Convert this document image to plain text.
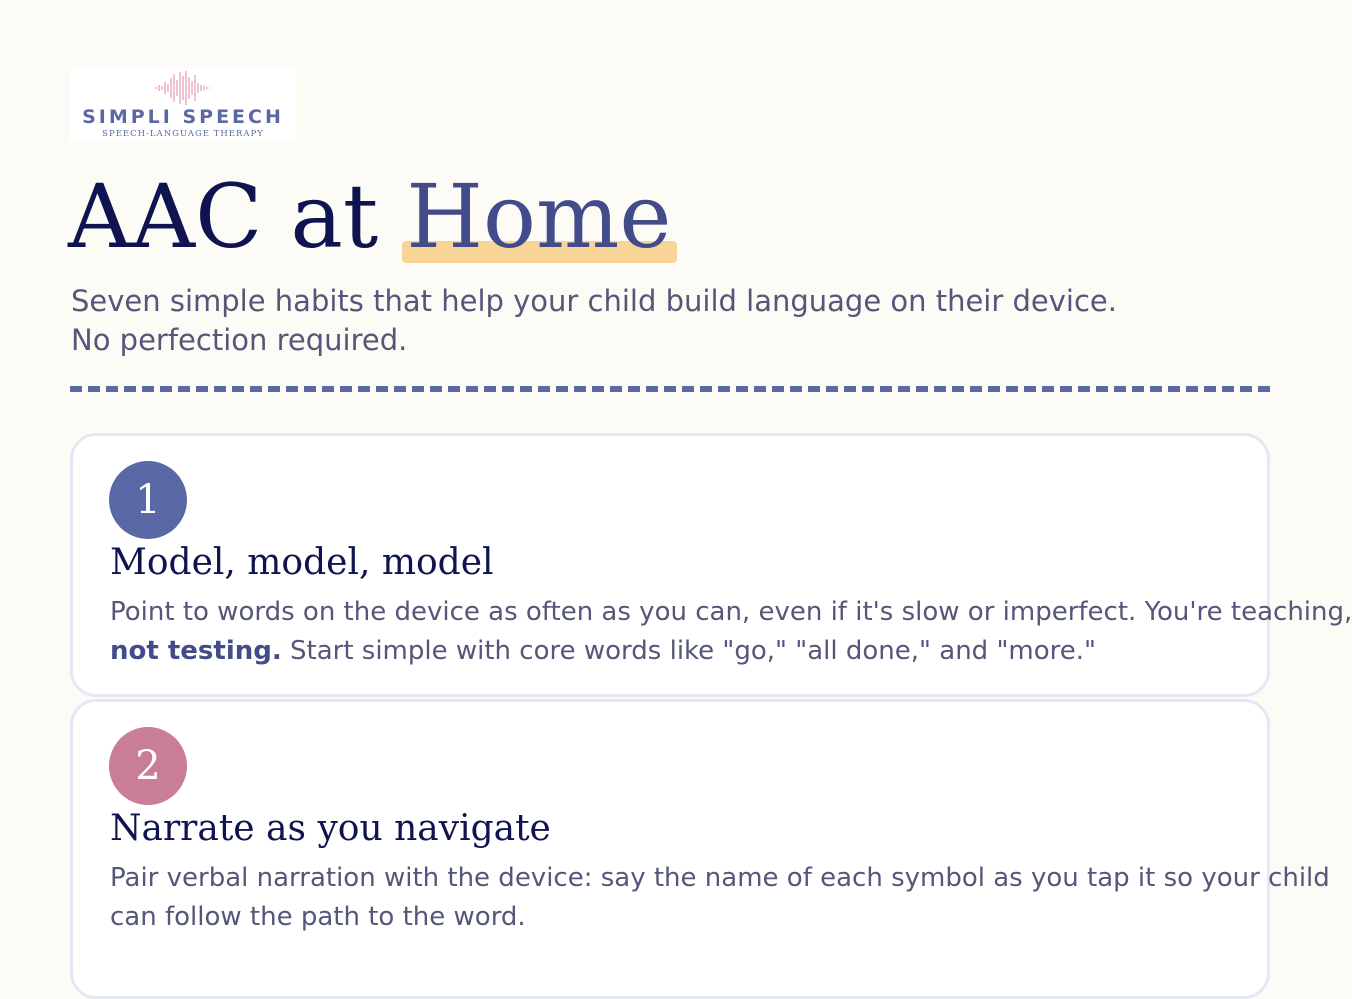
SIMPLI SPEECH
SPEECH-LANGUAGE THERAPY
AAC at Home
Seven simple habits that help your child build language on their device.
No perfection required.
1
Model, model, model

Point to words on the device as often as you can, even if it's slow or imperfect. You're teaching,
not testing. Start simple with core words like "go," "all done," and "more."

2
Narrate as you navigate

Pair verbal narration with the device: say the name of each symbol as you tap it so your child
can follow the path to the word.
